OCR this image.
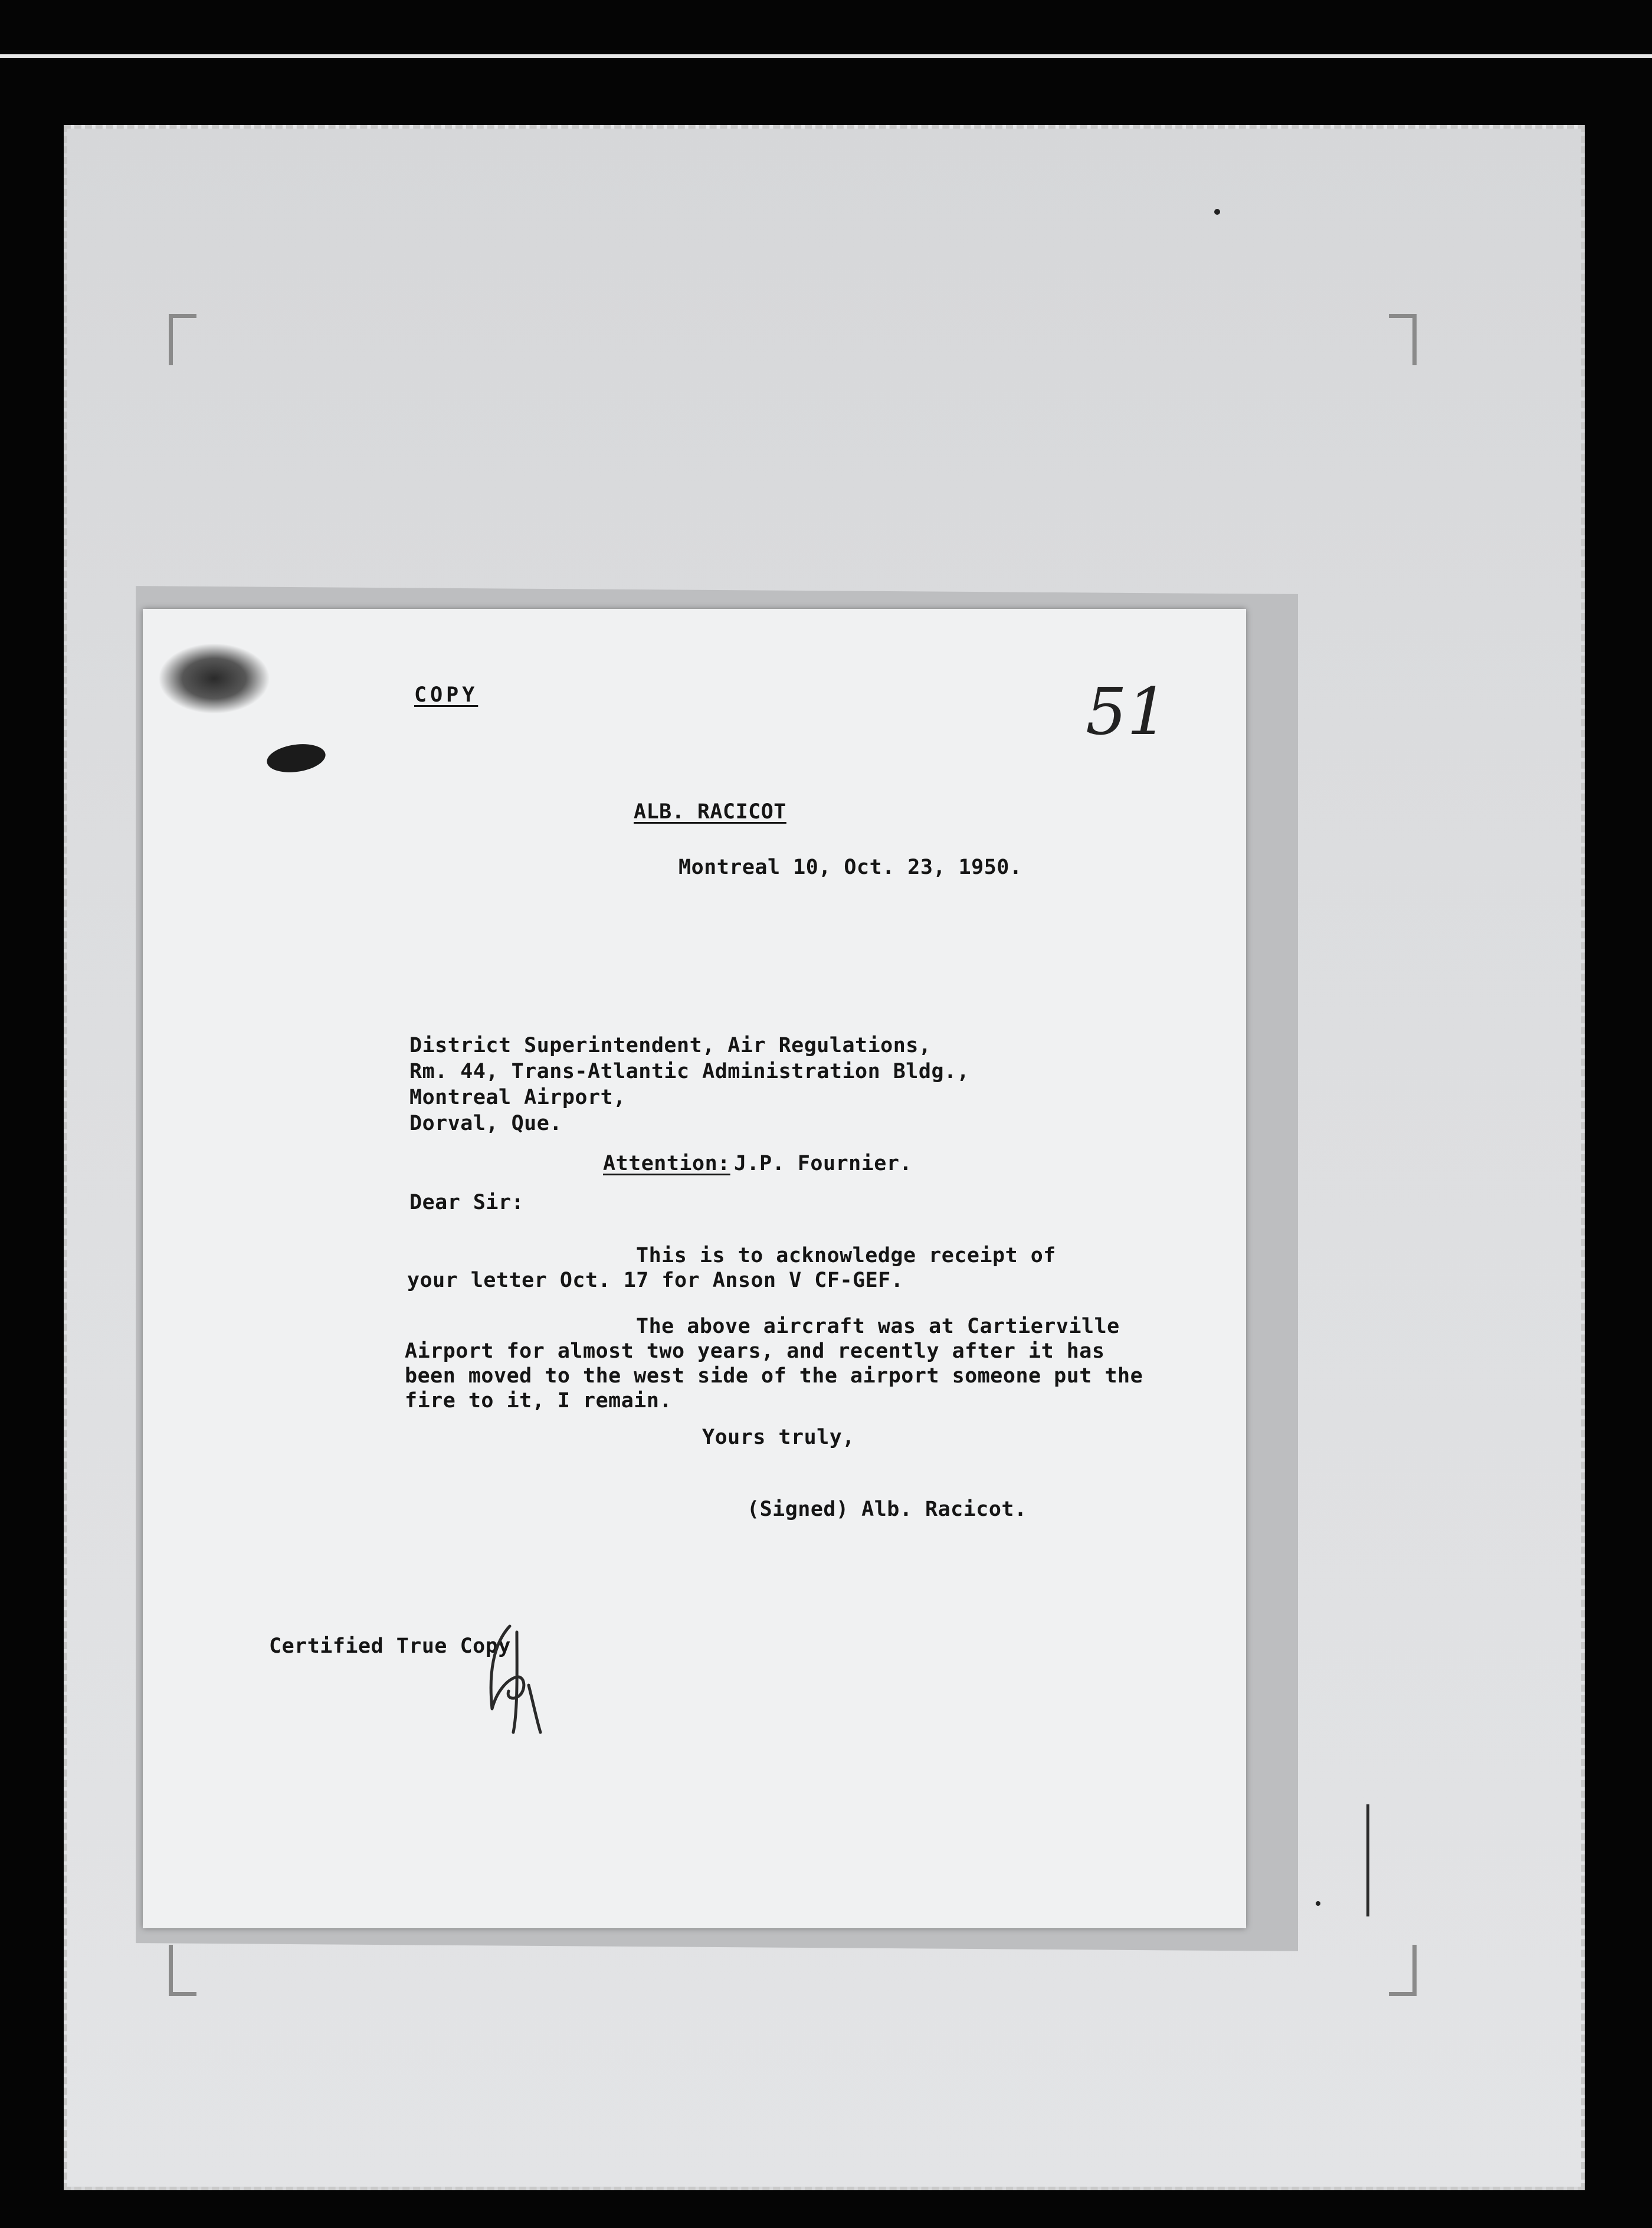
COPY	51
ALB. RACICOT
Montreal 10, Oct. 23, 1950.
District Superintendent, Air Regulations,
Rm. 44, Trans-Atlantic Administration Bldg.,
Montreal Airport,
Dorval, Que.
Attention: J.P. Fournier.
Dear Sir:
This is to acknowledge receipt of
your letter Oct. 17 for Anson V CF-GEF.
The above aircraft was at Cartierville
Airport for almost two years, and recently after it has
been moved to the west side of the airport someone put the
fire to it, I remain.
Yours truly,
(Signed) Alb. Racicot.
Certified True Copy
